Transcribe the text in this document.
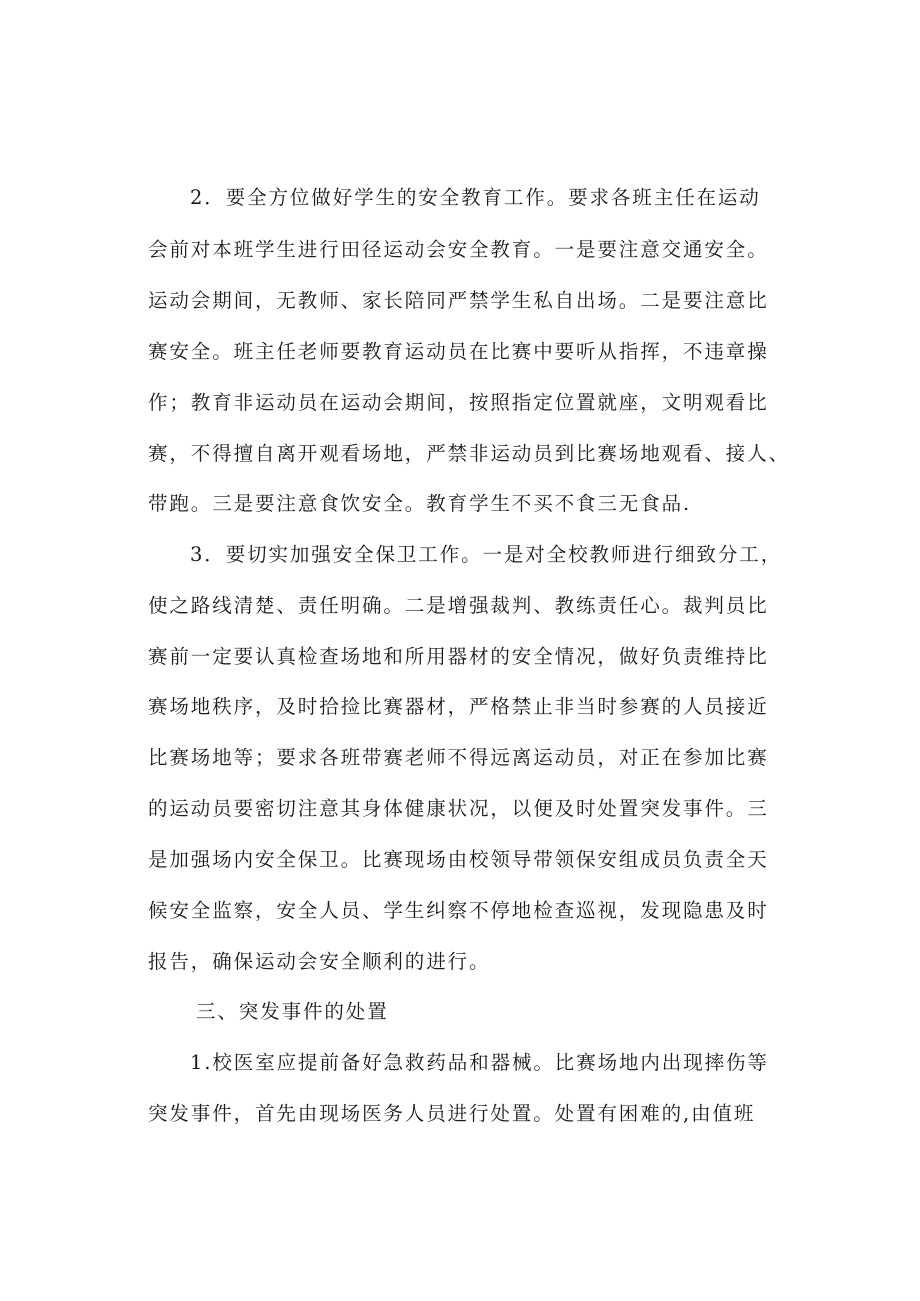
2．要全方位做好学生的安全教育工作。要求各班主任在运动
会前对本班学生进行田径运动会安全教育。一是要注意交通安全。
运动会期间，无教师、家长陪同严禁学生私自出场。二是要注意比
赛安全。班主任老师要教育运动员在比赛中要听从指挥，不违章操
作；教育非运动员在运动会期间，按照指定位置就座，文明观看比
赛，不得擅自离开观看场地，严禁非运动员到比赛场地观看、接人、
带跑。三是要注意食饮安全。教育学生不买不食三无食品.
3．要切实加强安全保卫工作。一是对全校教师进行细致分工，
使之路线清楚、责任明确。二是增强裁判、教练责任心。裁判员比
赛前一定要认真检查场地和所用器材的安全情况，做好负责维持比
赛场地秩序，及时拾捡比赛器材，严格禁止非当时参赛的人员接近
比赛场地等；要求各班带赛老师不得远离运动员，对正在参加比赛
的运动员要密切注意其身体健康状况，以便及时处置突发事件。三
是加强场内安全保卫。比赛现场由校领导带领保安组成员负责全天
候安全监察，安全人员、学生纠察不停地检查巡视，发现隐患及时
报告，确保运动会安全顺利的进行。
三、突发事件的处置
1.校医室应提前备好急救药品和器械。比赛场地内出现摔伤等
突发事件，首先由现场医务人员进行处置。处置有困难的,由值班
